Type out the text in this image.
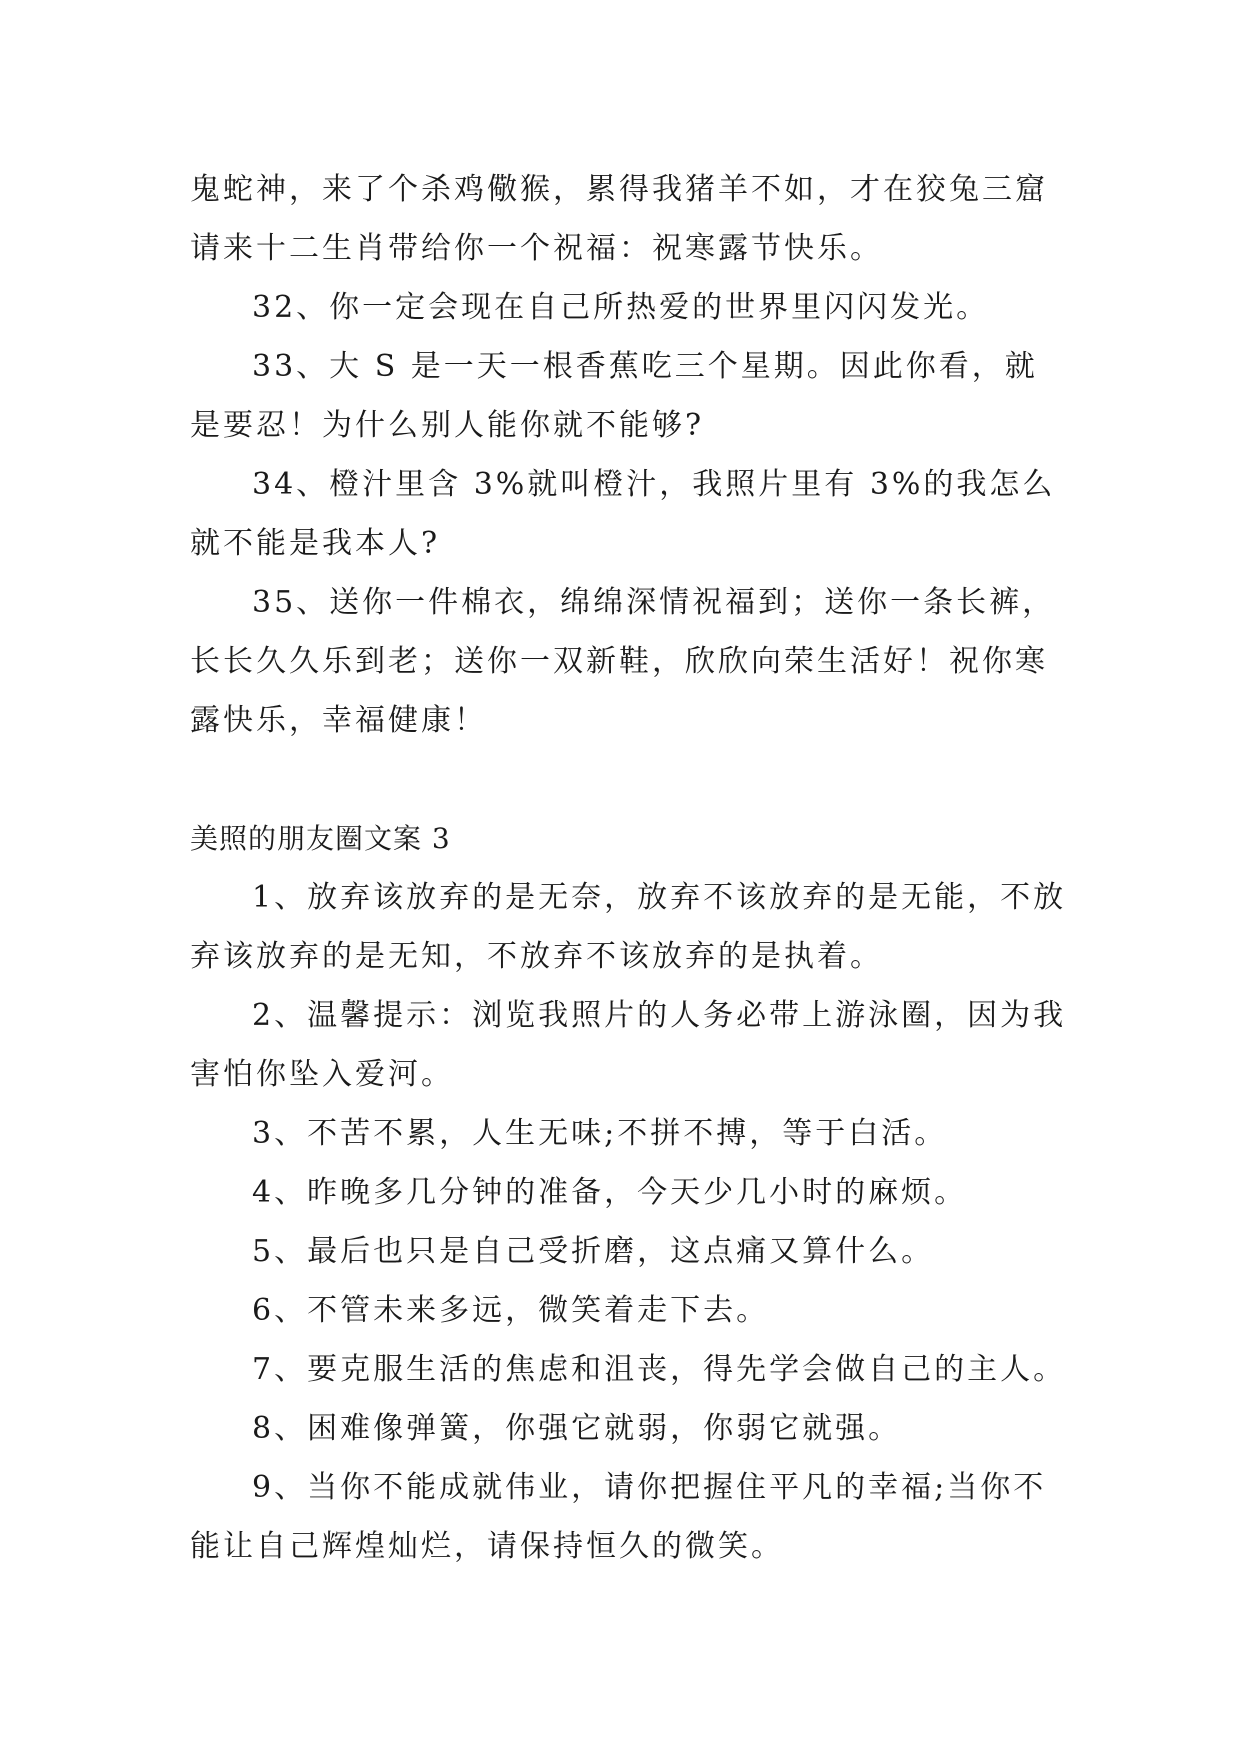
鬼蛇神，来了个杀鸡儆猴，累得我猪羊不如，才在狡兔三窟请来十二生肖带给你一个祝福：祝寒露节快乐。

32、你一定会现在自己所热爱的世界里闪闪发光。

33、大 S 是一天一根香蕉吃三个星期。因此你看，就是要忍！为什么别人能你就不能够?

34、橙汁里含 3%就叫橙汁，我照片里有 3%的我怎么就不能是我本人?

35、送你一件棉衣，绵绵深情祝福到；送你一条长裤，长长久久乐到老；送你一双新鞋，欣欣向荣生活好！祝你寒露快乐，幸福健康！

美照的朋友圈文案 3

1、放弃该放弃的是无奈，放弃不该放弃的是无能，不放弃该放弃的是无知，不放弃不该放弃的是执着。

2、温馨提示：浏览我照片的人务必带上游泳圈，因为我害怕你坠入爱河。

3、不苦不累，人生无味;不拼不搏，等于白活。

4、昨晚多几分钟的准备，今天少几小时的麻烦。

5、最后也只是自己受折磨，这点痛又算什么。

6、不管未来多远，微笑着走下去。

7、要克服生活的焦虑和沮丧，得先学会做自己的主人。

8、困难像弹簧，你强它就弱，你弱它就强。

9、当你不能成就伟业，请你把握住平凡的幸福;当你不能让自己辉煌灿烂，请保持恒久的微笑。
